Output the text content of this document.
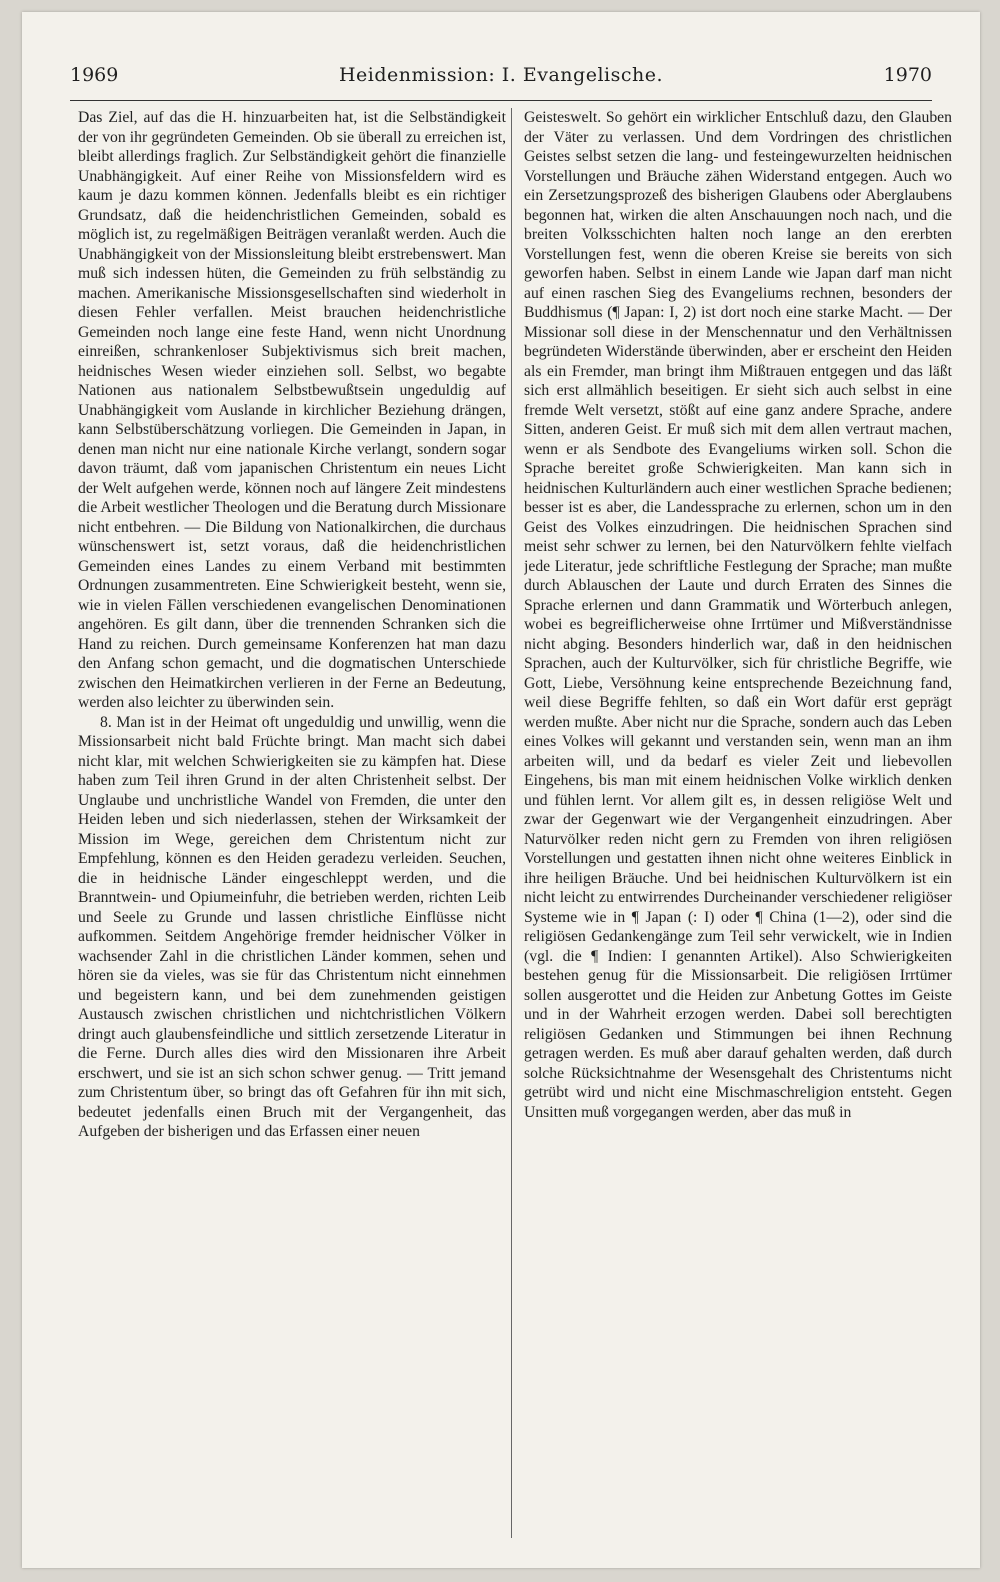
1969	Heidenmission: I. Evangelische.	1970

Das Ziel, auf das die H. hinzuarbeiten hat, ist die Selbständigkeit der von ihr gegründeten Gemeinden. Ob sie überall zu erreichen ist, bleibt allerdings fraglich. Zur Selbständigkeit gehört die finanzielle Unabhängigkeit. Auf einer Reihe von Missionsfeldern wird es kaum je dazu kommen können. Jedenfalls bleibt es ein richtiger Grundsatz, daß die heidenchristlichen Gemeinden, sobald es möglich ist, zu regelmäßigen Beiträgen veranlaßt werden. Auch die Unabhängigkeit von der Missionsleitung bleibt erstrebenswert. Man muß sich indessen hüten, die Gemeinden zu früh selbständig zu machen. Amerikanische Missionsgesellschaften sind wiederholt in diesen Fehler verfallen. Meist brauchen heidenchristliche Gemeinden noch lange eine feste Hand, wenn nicht Unordnung einreißen, schrankenloser Subjektivismus sich breit machen, heidnisches Wesen wieder einziehen soll. Selbst, wo begabte Nationen aus nationalem Selbstbewußtsein ungeduldig auf Unabhängigkeit vom Auslande in kirchlicher Beziehung drängen, kann Selbstüberschätzung vorliegen. Die Gemeinden in Japan, in denen man nicht nur eine nationale Kirche verlangt, sondern sogar davon träumt, daß vom japanischen Christentum ein neues Licht der Welt aufgehen werde, können noch auf längere Zeit mindestens die Arbeit westlicher Theologen und die Beratung durch Missionare nicht entbehren. — Die Bildung von Nationalkirchen, die durchaus wünschenswert ist, setzt voraus, daß die heidenchristlichen Gemeinden eines Landes zu einem Verband mit bestimmten Ordnungen zusammentreten. Eine Schwierigkeit besteht, wenn sie, wie in vielen Fällen verschiedenen evangelischen Denominationen angehören. Es gilt dann, über die trennenden Schranken sich die Hand zu reichen. Durch gemeinsame Konferenzen hat man dazu den Anfang schon gemacht, und die dogmatischen Unterschiede zwischen den Heimatkirchen verlieren in der Ferne an Bedeutung, werden also leichter zu überwinden sein.

8. Man ist in der Heimat oft ungeduldig und unwillig, wenn die Missionsarbeit nicht bald Früchte bringt. Man macht sich dabei nicht klar, mit welchen Schwierigkeiten sie zu kämpfen hat. Diese haben zum Teil ihren Grund in der alten Christenheit selbst. Der Unglaube und unchristliche Wandel von Fremden, die unter den Heiden leben und sich niederlassen, stehen der Wirksamkeit der Mission im Wege, gereichen dem Christentum nicht zur Empfehlung, können es den Heiden geradezu verleiden. Seuchen, die in heidnische Länder eingeschleppt werden, und die Branntwein- und Opiumeinfuhr, die betrieben werden, richten Leib und Seele zu Grunde und lassen christliche Einflüsse nicht aufkommen. Seitdem Angehörige fremder heidnischer Völker in wachsender Zahl in die christlichen Länder kommen, sehen und hören sie da vieles, was sie für das Christentum nicht einnehmen und begeistern kann, und bei dem zunehmenden geistigen Austausch zwischen christlichen und nichtchristlichen Völkern dringt auch glaubensfeindliche und sittlich zersetzende Literatur in die Ferne. Durch alles dies wird den Missionaren ihre Arbeit erschwert, und sie ist an sich schon schwer genug. — Tritt jemand zum Christentum über, so bringt das oft Gefahren für ihn mit sich, bedeutet jedenfalls einen Bruch mit der Vergangenheit, das Aufgeben der bisherigen und das Erfassen einer neuen

Geisteswelt. So gehört ein wirklicher Entschluß dazu, den Glauben der Väter zu verlassen. Und dem Vordringen des christlichen Geistes selbst setzen die lang- und festeingewurzelten heidnischen Vorstellungen und Bräuche zähen Widerstand entgegen. Auch wo ein Zersetzungsprozeß des bisherigen Glaubens oder Aberglaubens begonnen hat, wirken die alten Anschauungen noch nach, und die breiten Volksschichten halten noch lange an den ererbten Vorstellungen fest, wenn die oberen Kreise sie bereits von sich geworfen haben. Selbst in einem Lande wie Japan darf man nicht auf einen raschen Sieg des Evangeliums rechnen, besonders der Buddhismus (¶ Japan: I, 2) ist dort noch eine starke Macht. — Der Missionar soll diese in der Menschennatur und den Verhältnissen begründeten Widerstände überwinden, aber er erscheint den Heiden als ein Fremder, man bringt ihm Mißtrauen entgegen und das läßt sich erst allmählich beseitigen. Er sieht sich auch selbst in eine fremde Welt versetzt, stößt auf eine ganz andere Sprache, andere Sitten, anderen Geist. Er muß sich mit dem allen vertraut machen, wenn er als Sendbote des Evangeliums wirken soll. Schon die Sprache bereitet große Schwierigkeiten. Man kann sich in heidnischen Kulturländern auch einer westlichen Sprache bedienen; besser ist es aber, die Landessprache zu erlernen, schon um in den Geist des Volkes einzudringen. Die heidnischen Sprachen sind meist sehr schwer zu lernen, bei den Naturvölkern fehlte vielfach jede Literatur, jede schriftliche Festlegung der Sprache; man mußte durch Ablauschen der Laute und durch Erraten des Sinnes die Sprache erlernen und dann Grammatik und Wörterbuch anlegen, wobei es begreiflicherweise ohne Irrtümer und Mißverständnisse nicht abging. Besonders hinderlich war, daß in den heidnischen Sprachen, auch der Kulturvölker, sich für christliche Begriffe, wie Gott, Liebe, Versöhnung keine entsprechende Bezeichnung fand, weil diese Begriffe fehlten, so daß ein Wort dafür erst geprägt werden mußte. Aber nicht nur die Sprache, sondern auch das Leben eines Volkes will gekannt und verstanden sein, wenn man an ihm arbeiten will, und da bedarf es vieler Zeit und liebevollen Eingehens, bis man mit einem heidnischen Volke wirklich denken und fühlen lernt. Vor allem gilt es, in dessen religiöse Welt und zwar der Gegenwart wie der Vergangenheit einzudringen. Aber Naturvölker reden nicht gern zu Fremden von ihren religiösen Vorstellungen und gestatten ihnen nicht ohne weiteres Einblick in ihre heiligen Bräuche. Und bei heidnischen Kulturvölkern ist ein nicht leicht zu entwirrendes Durcheinander verschiedener religiöser Systeme wie in ¶ Japan (: I) oder ¶ China (1—2), oder sind die religiösen Gedankengänge zum Teil sehr verwickelt, wie in Indien (vgl. die ¶ Indien: I genannten Artikel). Also Schwierigkeiten bestehen genug für die Missionsarbeit. Die religiösen Irrtümer sollen ausgerottet und die Heiden zur Anbetung Gottes im Geiste und in der Wahrheit erzogen werden. Dabei soll berechtigten religiösen Gedanken und Stimmungen bei ihnen Rechnung getragen werden. Es muß aber darauf gehalten werden, daß durch solche Rücksichtnahme der Wesensgehalt des Christentums nicht getrübt wird und nicht eine Mischmaschreligion entsteht. Gegen Unsitten muß vorgegangen werden, aber das muß in
